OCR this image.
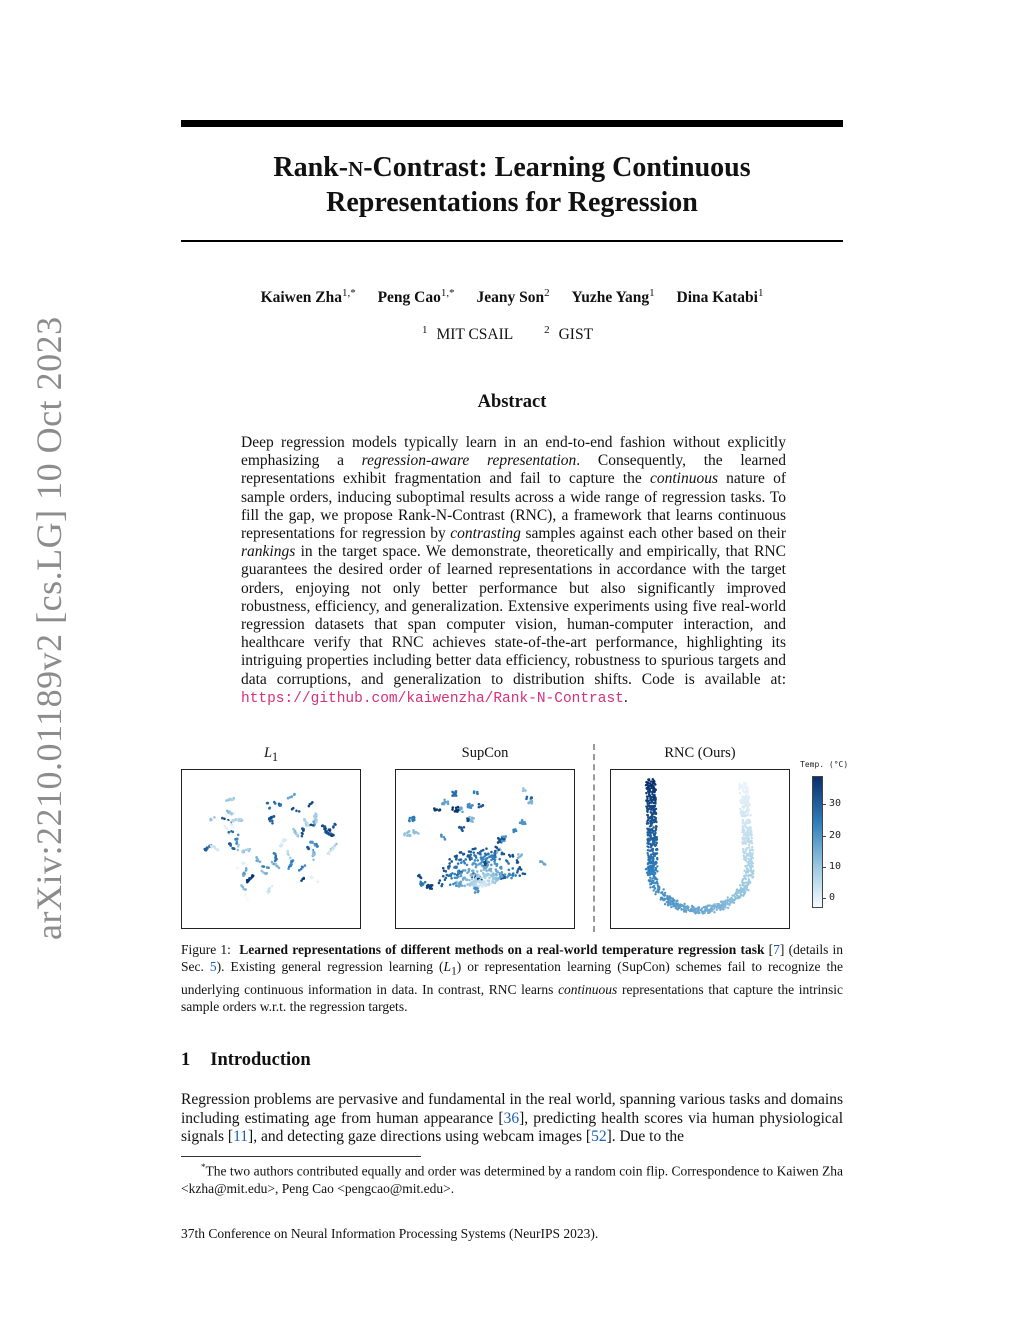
arXiv:2210.01189v2 [cs.LG] 10 Oct 2023
Rank-N-Contrast: Learning Continuous
Representations for Regression
Kaiwen Zha$^{1,*}$ Peng Cao$^{1,*}$ Jeany Son$^2$ Yuzhe Yang$^1$ Dina Katabi$^1$
$^1$ MIT CSAIL	$^2$ GIST
Abstract

Deep regression models typically learn in an end-to-end fashion without explicitly emphasizing a regression-aware representation. Consequently, the learned representations exhibit fragmentation and fail to capture the continuous nature of sample orders, inducing suboptimal results across a wide range of regression tasks. To fill the gap, we propose Rank-N-Contrast (RNC), a framework that learns continuous representations for regression by contrasting samples against each other based on their rankings in the target space. We demonstrate, theoretically and empirically, that RNC guarantees the desired order of learned representations in accordance with the target orders, enjoying not only better performance but also significantly improved robustness, efficiency, and generalization. Extensive experiments using five real-world regression datasets that span computer vision, human-computer interaction, and healthcare verify that RNC achieves state-of-the-art performance, highlighting its intriguing properties including better data efficiency, robustness to spurious targets and data corruptions, and generalization to distribution shifts. Code is available at: https://github.com/kaiwenzha/Rank-N-Contrast.

$L_1$	SupCon	RNC (Ours)
Temp. (°C)
30
20
10
0

Figure 1: Learned representations of different methods on a real-world temperature regression task [7] (details in Sec. 5). Existing general regression learning $(L_1)$ or representation learning (SupCon) schemes fail to recognize the underlying continuous information in data. In contrast, RNC learns continuous representations that capture the intrinsic sample orders w.r.t. the regression targets.

1 Introduction

Regression problems are pervasive and fundamental in the real world, spanning various tasks and domains including estimating age from human appearance [36], predicting health scores via human physiological signals [11], and detecting gaze directions using webcam images [52]. Due to the

*The two authors contributed equally and order was determined by a random coin flip. Correspondence to Kaiwen Zha <kzha@mit.edu>, Peng Cao <pengcao@mit.edu>.

37th Conference on Neural Information Processing Systems (NeurIPS 2023).
